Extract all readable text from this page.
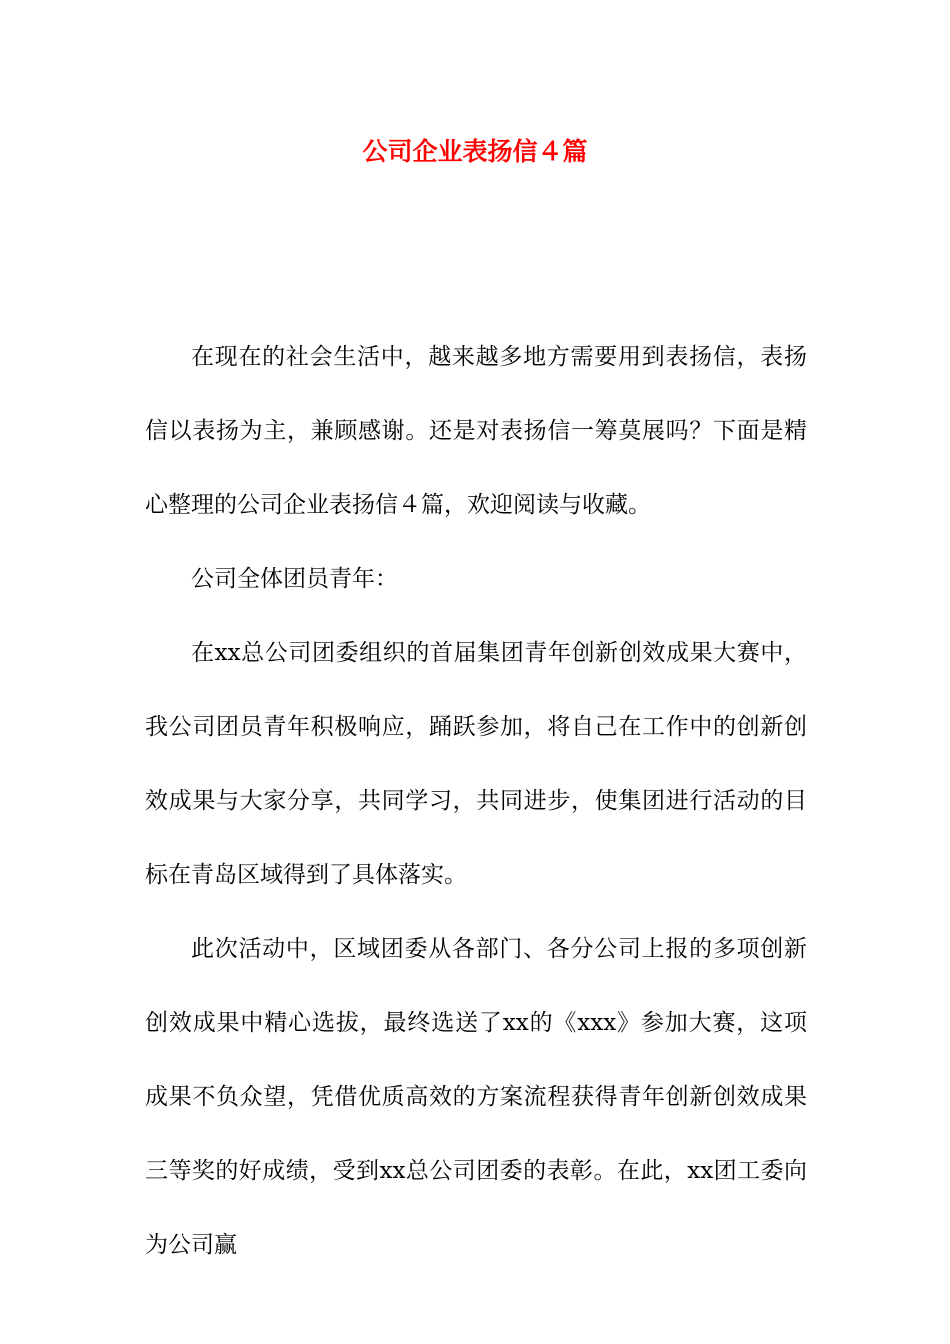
公司企业表扬信４篇

在现在的社会生活中，越来越多地方需要用到表扬信，表扬信以表扬为主，兼顾感谢。还是对表扬信一筹莫展吗？下面是精心整理的公司企业表扬信４篇，欢迎阅读与收藏。

公司全体团员青年：

在xx总公司团委组织的首届集团青年创新创效成果大赛中，我公司团员青年积极响应，踊跃参加，将自己在工作中的创新创效成果与大家分享，共同学习，共同进步，使集团进行活动的目标在青岛区域得到了具体落实。

此次活动中，区域团委从各部门、各分公司上报的多项创新创效成果中精心选拔，最终选送了xx的《xxx》参加大赛，这项成果不负众望，凭借优质高效的方案流程获得青年创新创效成果三等奖的好成绩，受到xx总公司团委的表彰。在此，xx团工委向为公司赢
